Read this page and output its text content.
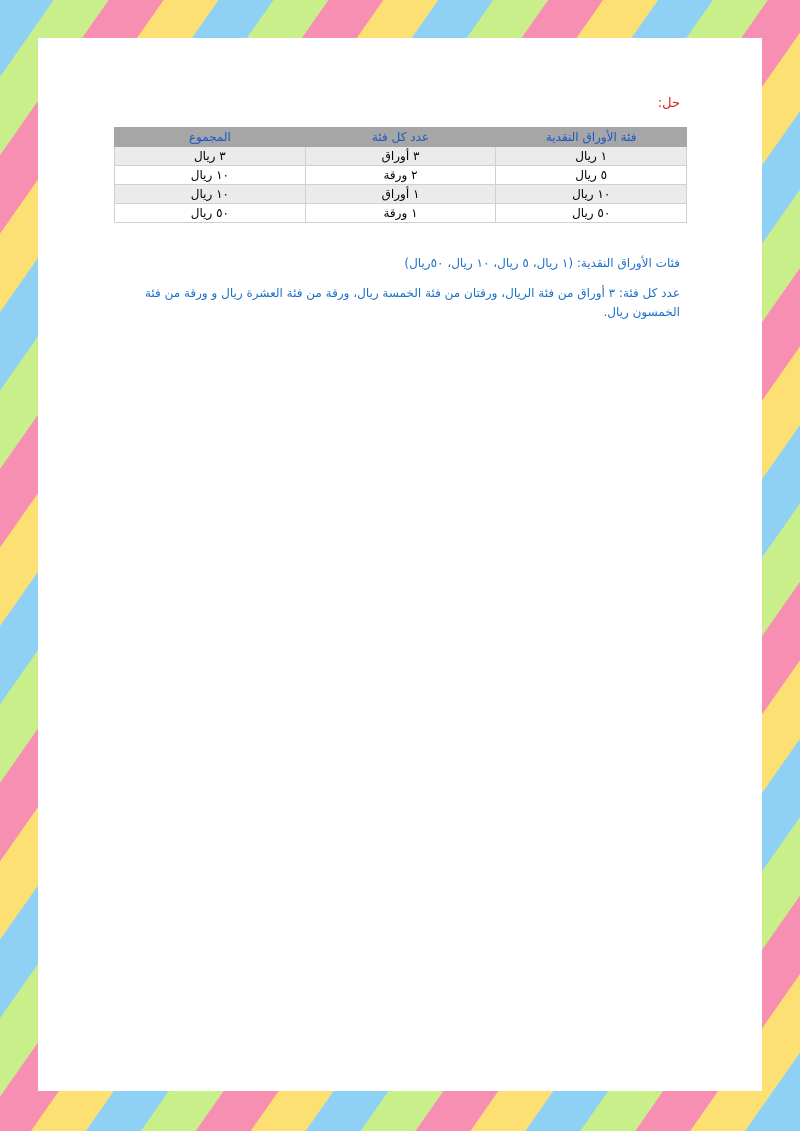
حل:
فئة الأوراق النقدية	عدد كل فئة	المجموع
١ ريال	٣ أوراق	٣ ريال
٥ ريال	٢ ورقة	١٠ ريال
١٠ ريال	١ أوراق	١٠ ريال
٥٠ ريال	١ ورقة	٥٠ ريال
فئات الأوراق النقدية: (١ ريال، ٥ ريال، ١٠ ريال، ٥٠ريال)
عدد كل فئة: ٣ أوراق من فئة الريال، ورقتان من فئة الخمسة ريال، ورقة من فئة العشرة ريال و ورقة من فئة الخمسون ريال.
